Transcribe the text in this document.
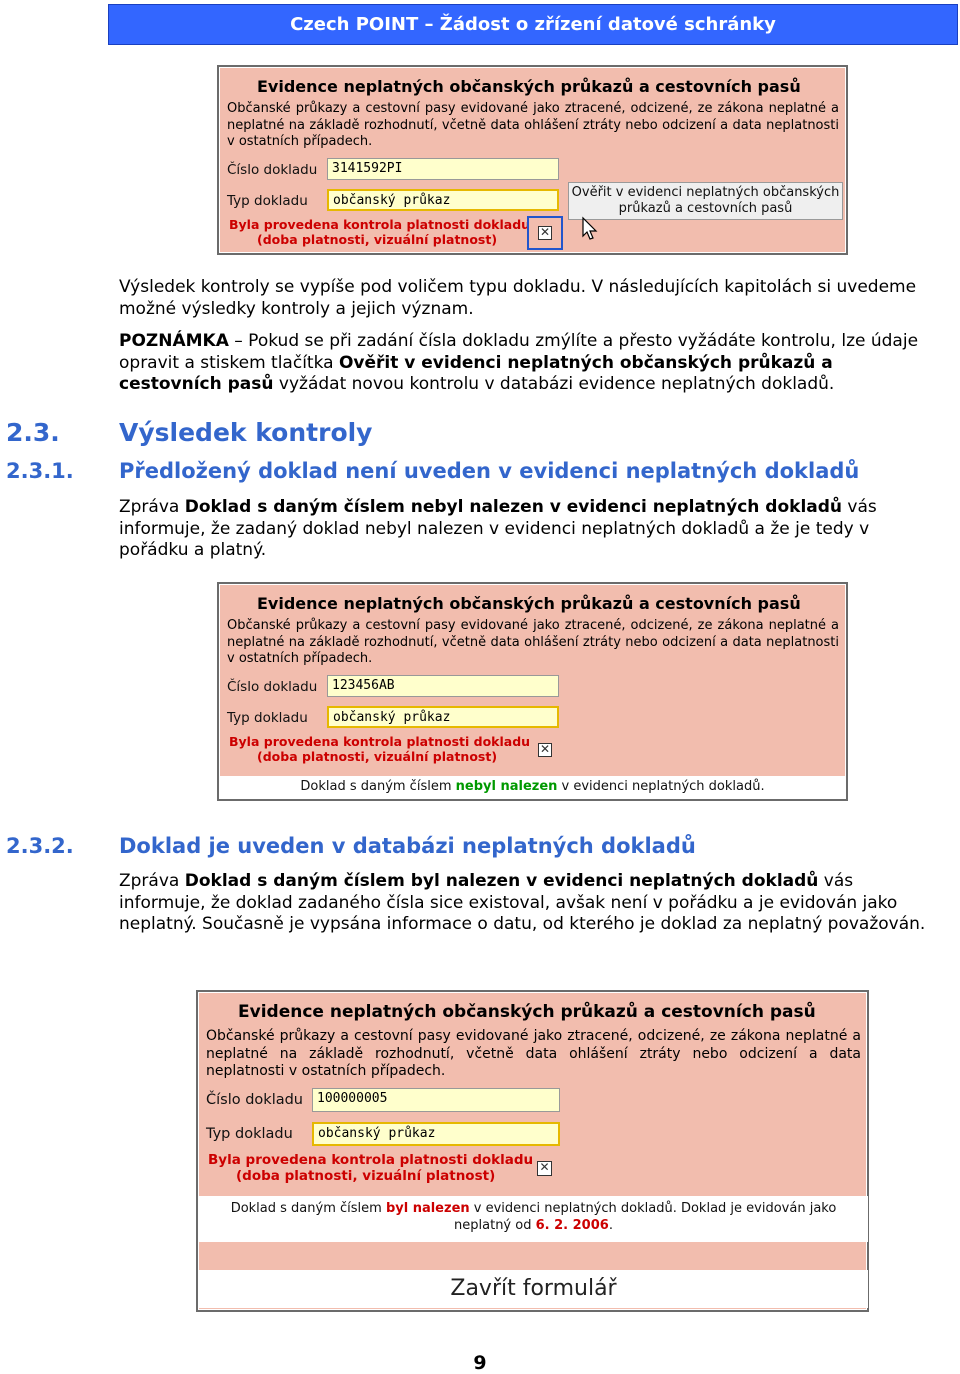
Czech POINT – Žádost o zřízení datové schránky
Evidence neplatných občanských průkazů a cestovních pasů
Občanské průkazy a cestovní pasy evidované jako ztracené, odcizené, ze zákona neplatné a neplatné na základě rozhodnutí, včetně data ohlášení ztráty nebo odcizení a data neplatnosti v ostatních případech.
Číslo dokladu	3141592PI
Typ dokladu	občanský průkaz
Byla provedena kontrola platnosti dokladu
(doba platnosti, vizuální platnost)	✕
Ověřit v evidenci neplatných občanských průkazů a cestovních pasů
Výsledek kontroly se vypíše pod voličem typu dokladu. V následujících kapitolách si uvedeme možné výsledky kontroly a jejich význam.
POZNÁMKA – Pokud se při zadání čísla dokladu zmýlíte a přesto vyžádáte kontrolu, lze údaje opravit a stiskem tlačítka Ověřit v evidenci neplatných občanských průkazů a cestovních pasů vyžádat novou kontrolu v databázi evidence neplatných dokladů.
2.3. Výsledek kontroly
2.3.1. Předložený doklad není uveden v evidenci neplatných dokladů
Zpráva Doklad s daným číslem nebyl nalezen v evidenci neplatných dokladů vás informuje, že zadaný doklad nebyl nalezen v evidenci neplatných dokladů a že je tedy v pořádku a platný.
Evidence neplatných občanských průkazů a cestovních pasů
Občanské průkazy a cestovní pasy evidované jako ztracené, odcizené, ze zákona neplatné a neplatné na základě rozhodnutí, včetně data ohlášení ztráty nebo odcizení a data neplatnosti v ostatních případech.
Číslo dokladu	123456AB
Typ dokladu	občanský průkaz
Byla provedena kontrola platnosti dokladu
(doba platnosti, vizuální platnost)	✕
Doklad s daným číslem nebyl nalezen v evidenci neplatných dokladů.
2.3.2. Doklad je uveden v databázi neplatných dokladů
Zpráva Doklad s daným číslem byl nalezen v evidenci neplatných dokladů vás informuje, že doklad zadaného čísla sice existoval, avšak není v pořádku a je evidován jako neplatný. Současně je vypsána informace o datu, od kterého je doklad za neplatný považován.
Evidence neplatných občanských průkazů a cestovních pasů
Občanské průkazy a cestovní pasy evidované jako ztracené, odcizené, ze zákona neplatné a neplatné na základě rozhodnutí, včetně data ohlášení ztráty nebo odcizení a data neplatnosti v ostatních případech.
Číslo dokladu	100000005
Typ dokladu	občanský průkaz
Byla provedena kontrola platnosti dokladu
(doba platnosti, vizuální platnost)
✕
Doklad s daným číslem byl nalezen v evidenci neplatných dokladů. Doklad je evidován jako neplatný od 6. 2. 2006.
Zavřít formulář
9
